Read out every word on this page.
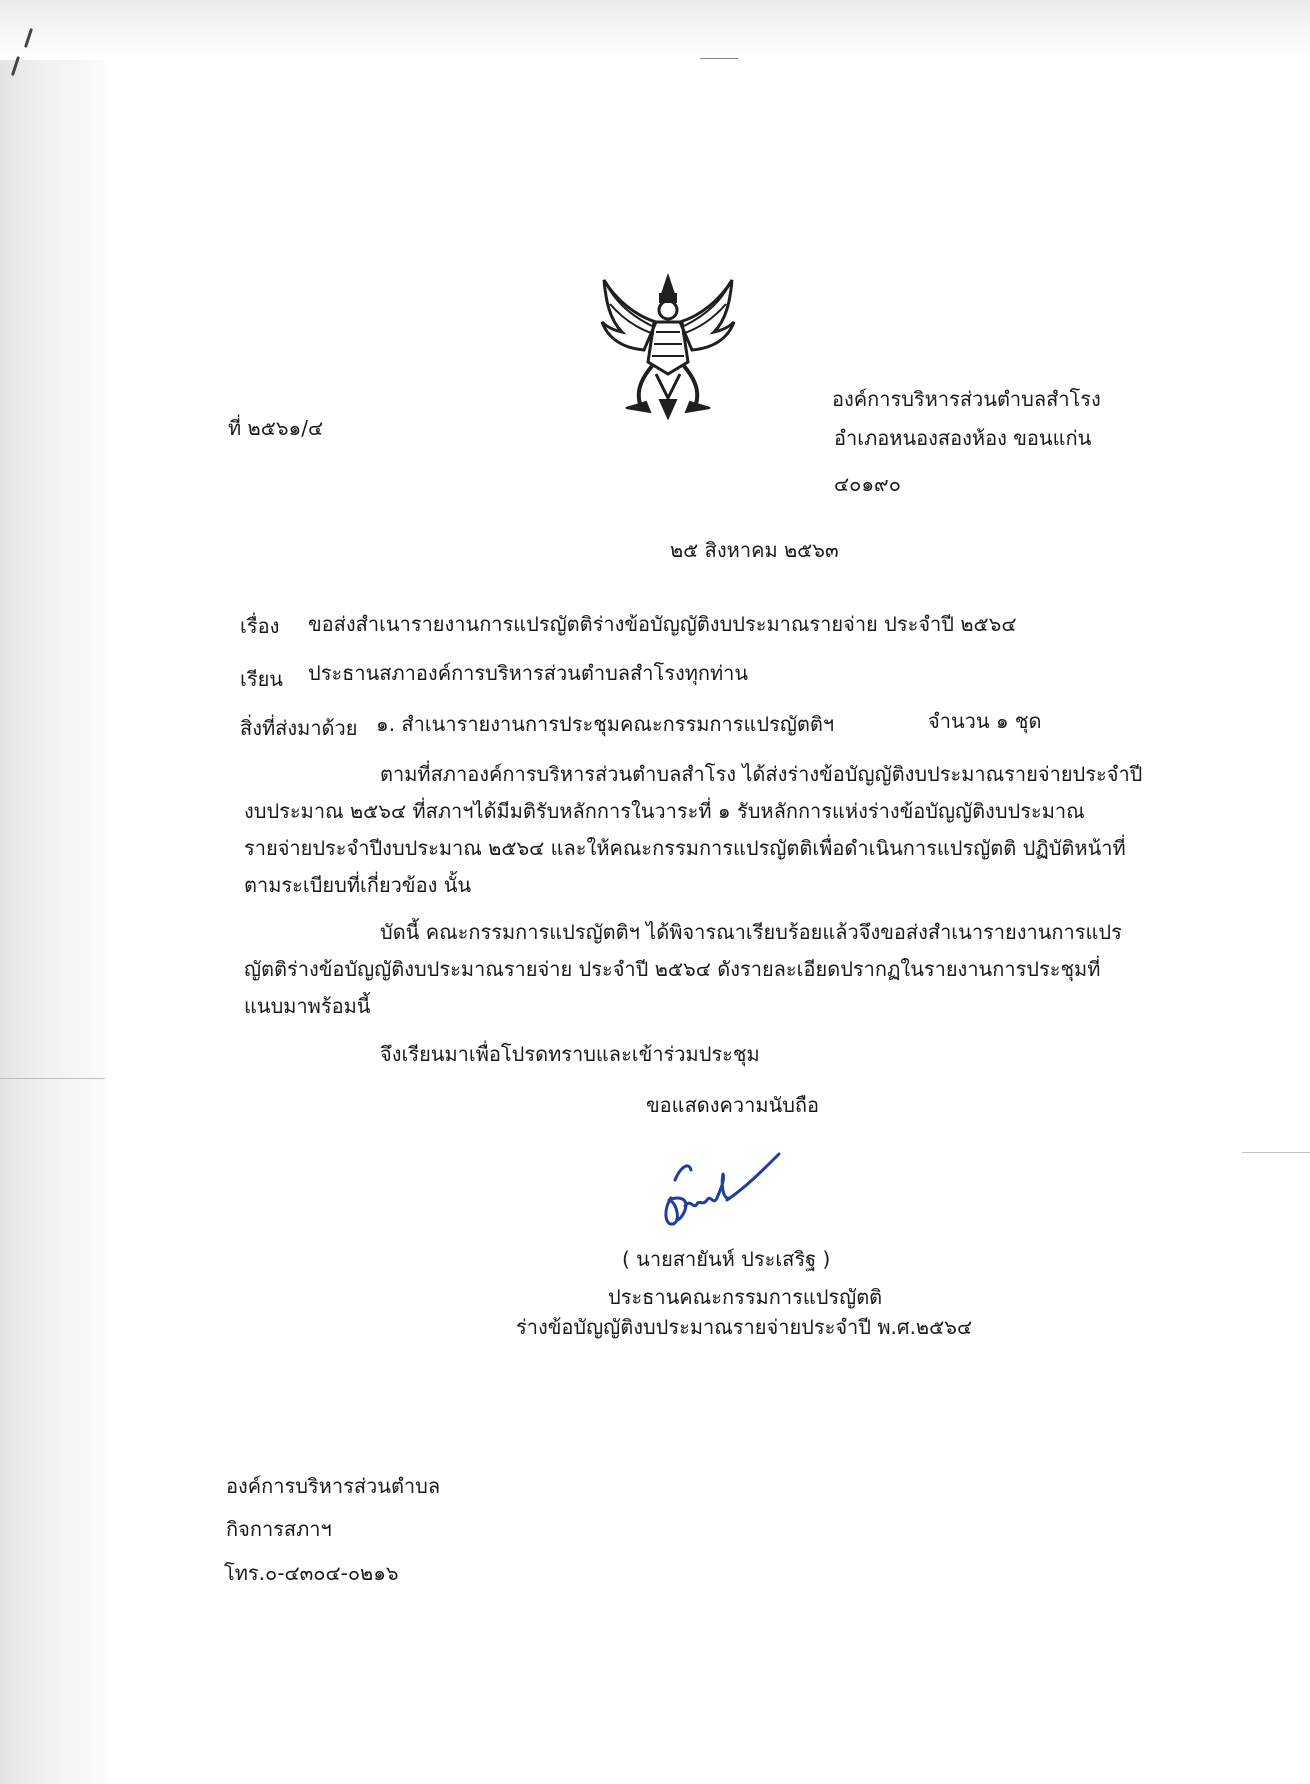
ที่ ๒๕๖๑/๔
องค์การบริหารส่วนตำบลสำโรง
อำเภอหนองสองห้อง ขอนแก่น
๔๐๑๙๐
๒๕ สิงหาคม ๒๕๖๓
เรื่อง ขอส่งสำเนารายงานการแปรญัตติร่างข้อบัญญัติงบประมาณรายจ่าย ประจำปี ๒๕๖๔
เรียน ประธานสภาองค์การบริหารส่วนตำบลสำโรงทุกท่าน
สิ่งที่ส่งมาด้วย ๑. สำเนารายงานการประชุมคณะกรรมการแปรญัตติฯ	จำนวน ๑ ชุด
ตามที่สภาองค์การบริหารส่วนตำบลสำโรง ได้ส่งร่างข้อบัญญัติงบประมาณรายจ่ายประจำปี
งบประมาณ ๒๕๖๔ ที่สภาฯได้มีมติรับหลักการในวาระที่ ๑ รับหลักการแห่งร่างข้อบัญญัติงบประมาณ
รายจ่ายประจำปีงบประมาณ ๒๕๖๔ และให้คณะกรรมการแปรญัตติเพื่อดำเนินการแปรญัตติ ปฏิบัติหน้าที่
ตามระเบียบที่เกี่ยวข้อง นั้น
บัดนี้ คณะกรรมการแปรญัตติฯ ได้พิจารณาเรียบร้อยแล้วจึงขอส่งสำเนารายงานการแปร
ญัตติร่างข้อบัญญัติงบประมาณรายจ่าย ประจำปี ๒๕๖๔ ดังรายละเอียดปรากฏในรายงานการประชุมที่
แนบมาพร้อมนี้
จึงเรียนมาเพื่อโปรดทราบและเข้าร่วมประชุม
ขอแสดงความนับถือ
( นายสายันห์ ประเสริฐ )
ประธานคณะกรรมการแปรญัตติ
ร่างข้อบัญญัติงบประมาณรายจ่ายประจำปี พ.ศ.๒๕๖๔
องค์การบริหารส่วนตำบล
กิจการสภาฯ
โทร.๐-๔๓๐๔-๐๒๑๖
